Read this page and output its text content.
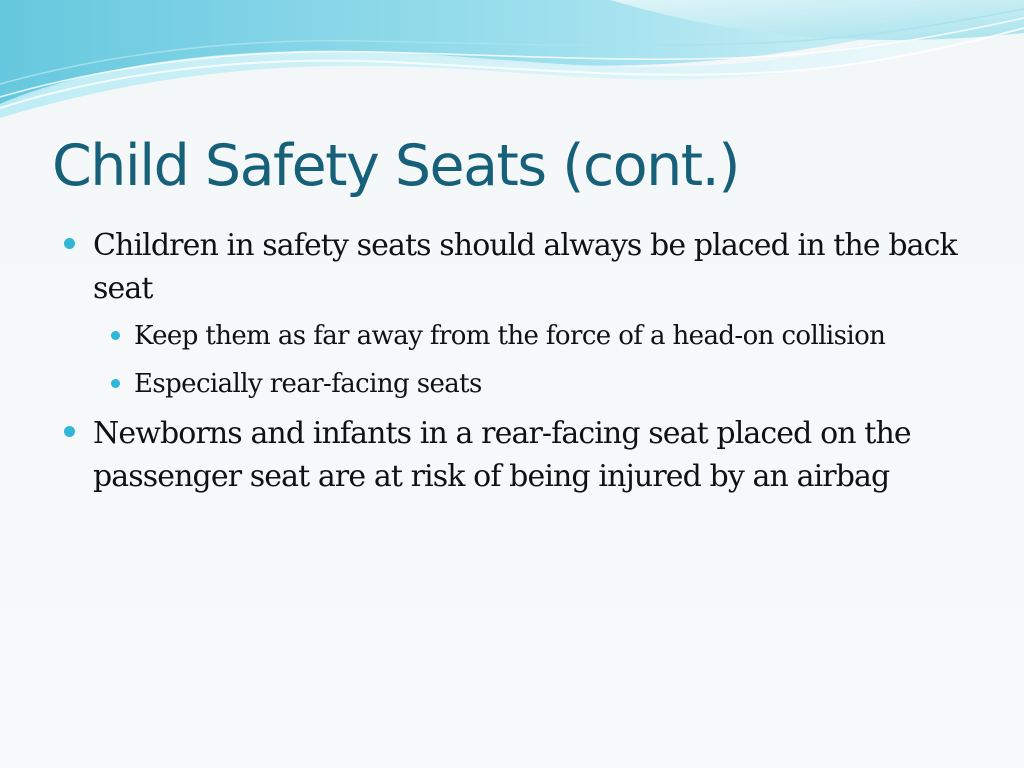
Child Safety Seats (cont.)
Children in safety seats should always be placed in the back seat
Keep them as far away from the force of a head-on collision
Especially rear-facing seats
Newborns and infants in a rear-facing seat placed on the passenger seat are at risk of being injured by an airbag
